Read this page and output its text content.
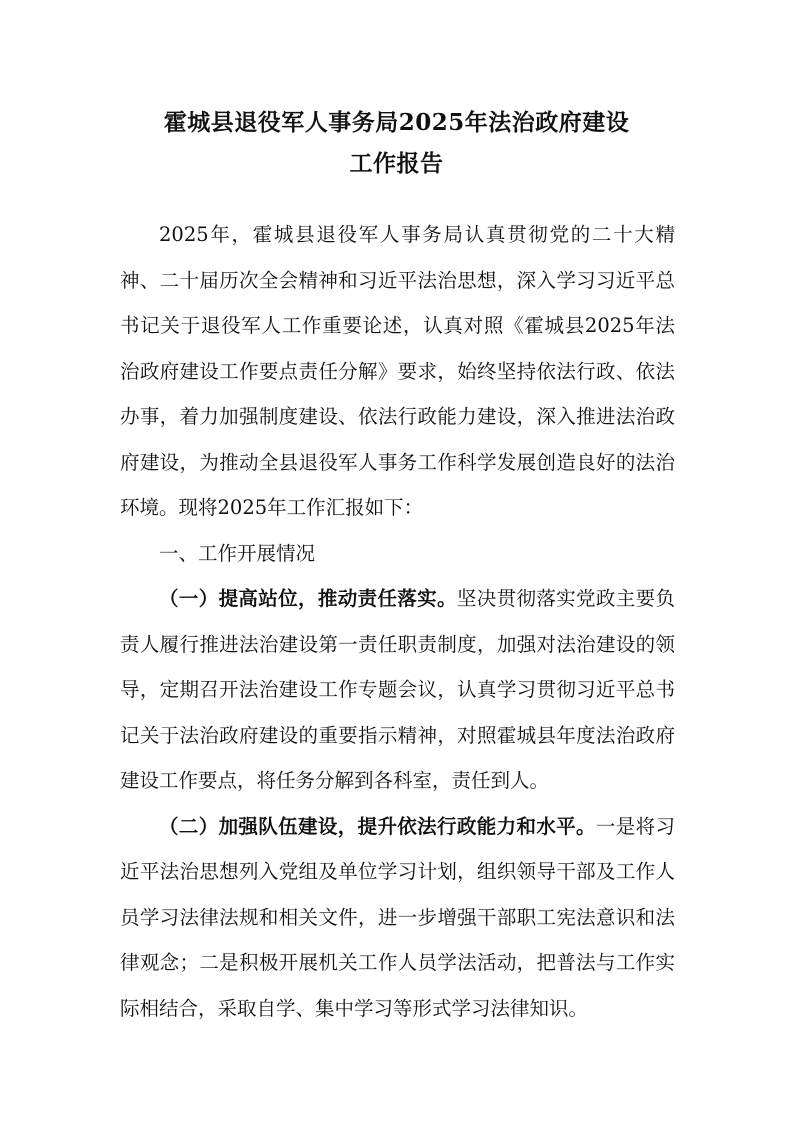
霍城县退役军人事务局2025年法治政府建设
工作报告

2025年，霍城县退役军人事务局认真贯彻党的二十大精神、二十届历次全会精神和习近平法治思想，深入学习习近平总书记关于退役军人工作重要论述，认真对照《霍城县2025年法治政府建设工作要点责任分解》要求，始终坚持依法行政、依法办事，着力加强制度建设、依法行政能力建设，深入推进法治政府建设，为推动全县退役军人事务工作科学发展创造良好的法治环境。现将2025年工作汇报如下：

一、工作开展情况

（一）提高站位，推动责任落实。坚决贯彻落实党政主要负责人履行推进法治建设第一责任职责制度，加强对法治建设的领导，定期召开法治建设工作专题会议，认真学习贯彻习近平总书记关于法治政府建设的重要指示精神，对照霍城县年度法治政府建设工作要点，将任务分解到各科室，责任到人。

（二）加强队伍建设，提升依法行政能力和水平。一是将习近平法治思想列入党组及单位学习计划，组织领导干部及工作人员学习法律法规和相关文件，进一步增强干部职工宪法意识和法律观念；二是积极开展机关工作人员学法活动，把普法与工作实际相结合，采取自学、集中学习等形式学习法律知识。
